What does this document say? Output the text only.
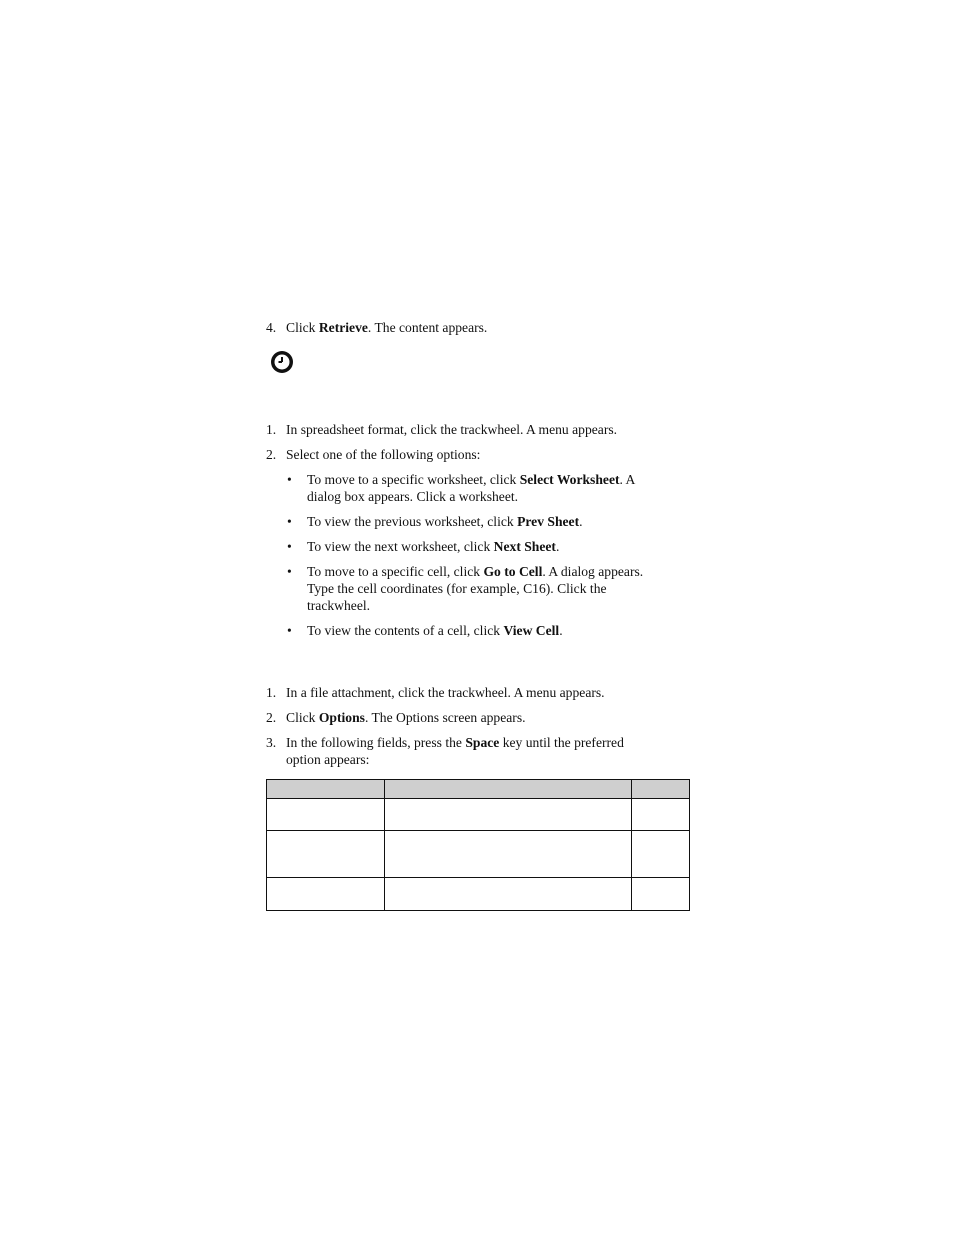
4. Click Retrieve. The content appears.
1. In spreadsheet format, click the trackwheel. A menu appears.
2. Select one of the following options:
• To move to a specific worksheet, click Select Worksheet. A
dialog box appears. Click a worksheet.
• To view the previous worksheet, click Prev Sheet.
• To view the next worksheet, click Next Sheet.
• To move to a specific cell, click Go to Cell. A dialog appears.
Type the cell coordinates (for example, C16). Click the
trackwheel.
• To view the contents of a cell, click View Cell.
1. In a file attachment, click the trackwheel. A menu appears.
2. Click Options. The Options screen appears.
3. In the following fields, press the Space key until the preferred
option appears:
